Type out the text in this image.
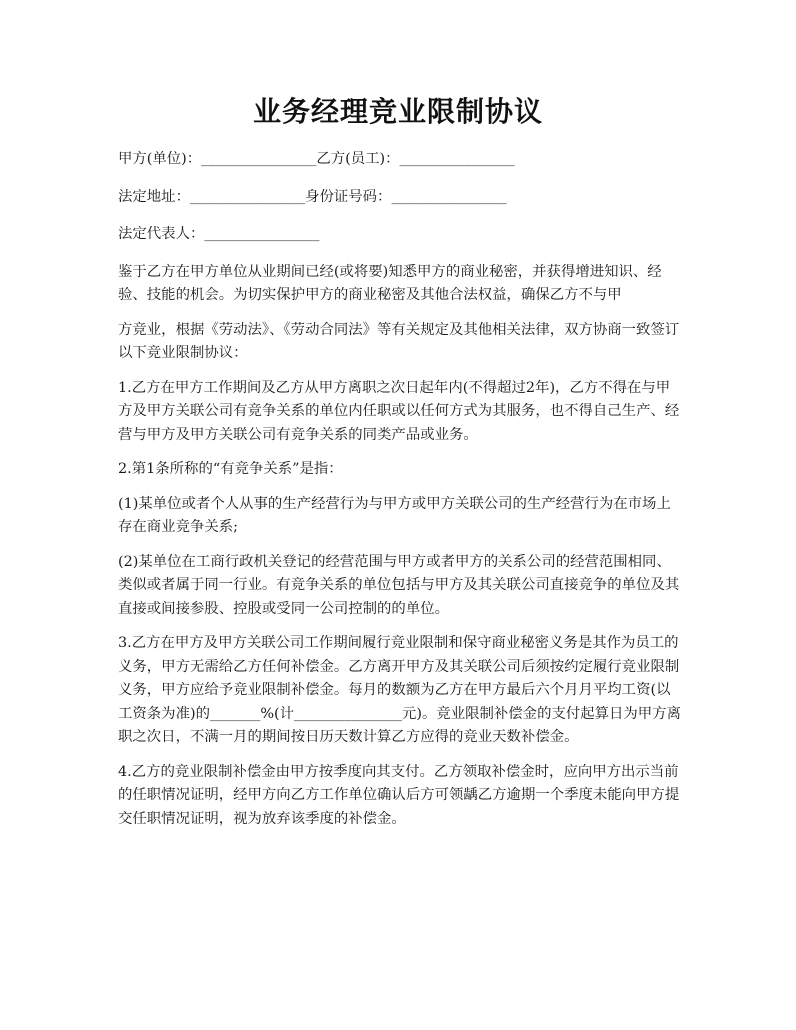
业务经理竞业限制协议

甲方(单位)：________________乙方(员工)：________________

法定地址：________________身份证号码：________________

法定代表人：________________

鉴于乙方在甲方单位从业期间已经(或将要)知悉甲方的商业秘密，并获得增进知识、经验、技能的机会。为切实保护甲方的商业秘密及其他合法权益，确保乙方不与甲

方竞业，根据《劳动法》、《劳动合同法》等有关规定及其他相关法律，双方协商一致签订以下竞业限制协议：

1.乙方在甲方工作期间及乙方从甲方离职之次日起年内(不得超过2年)，乙方不得在与甲方及甲方关联公司有竞争关系的单位内任职或以任何方式为其服务，也不得自己生产、经营与甲方及甲方关联公司有竞争关系的同类产品或业务。

2.第1条所称的“有竞争关系”是指：

(1)某单位或者个人从事的生产经营行为与甲方或甲方关联公司的生产经营行为在市场上存在商业竞争关系;

(2)某单位在工商行政机关登记的经营范围与甲方或者甲方的关系公司的经营范围相同、类似或者属于同一行业。有竞争关系的单位包括与甲方及其关联公司直接竞争的单位及其直接或间接参股、控股或受同一公司控制的的单位。

3.乙方在甲方及甲方关联公司工作期间履行竞业限制和保守商业秘密义务是其作为员工的义务，甲方无需给乙方任何补偿金。乙方离开甲方及其关联公司后须按约定履行竞业限制义务，甲方应给予竞业限制补偿金。每月的数额为乙方在甲方最后六个月月平均工资(以工资条为准)的_______%(计_______________元)。竞业限制补偿金的支付起算日为甲方离职之次日，不满一月的期间按日历天数计算乙方应得的竞业天数补偿金。

4.乙方的竞业限制补偿金由甲方按季度向其支付。乙方领取补偿金时，应向甲方出示当前的任职情况证明，经甲方向乙方工作单位确认后方可领龋乙方逾期一个季度未能向甲方提交任职情况证明，视为放弃该季度的补偿金。
